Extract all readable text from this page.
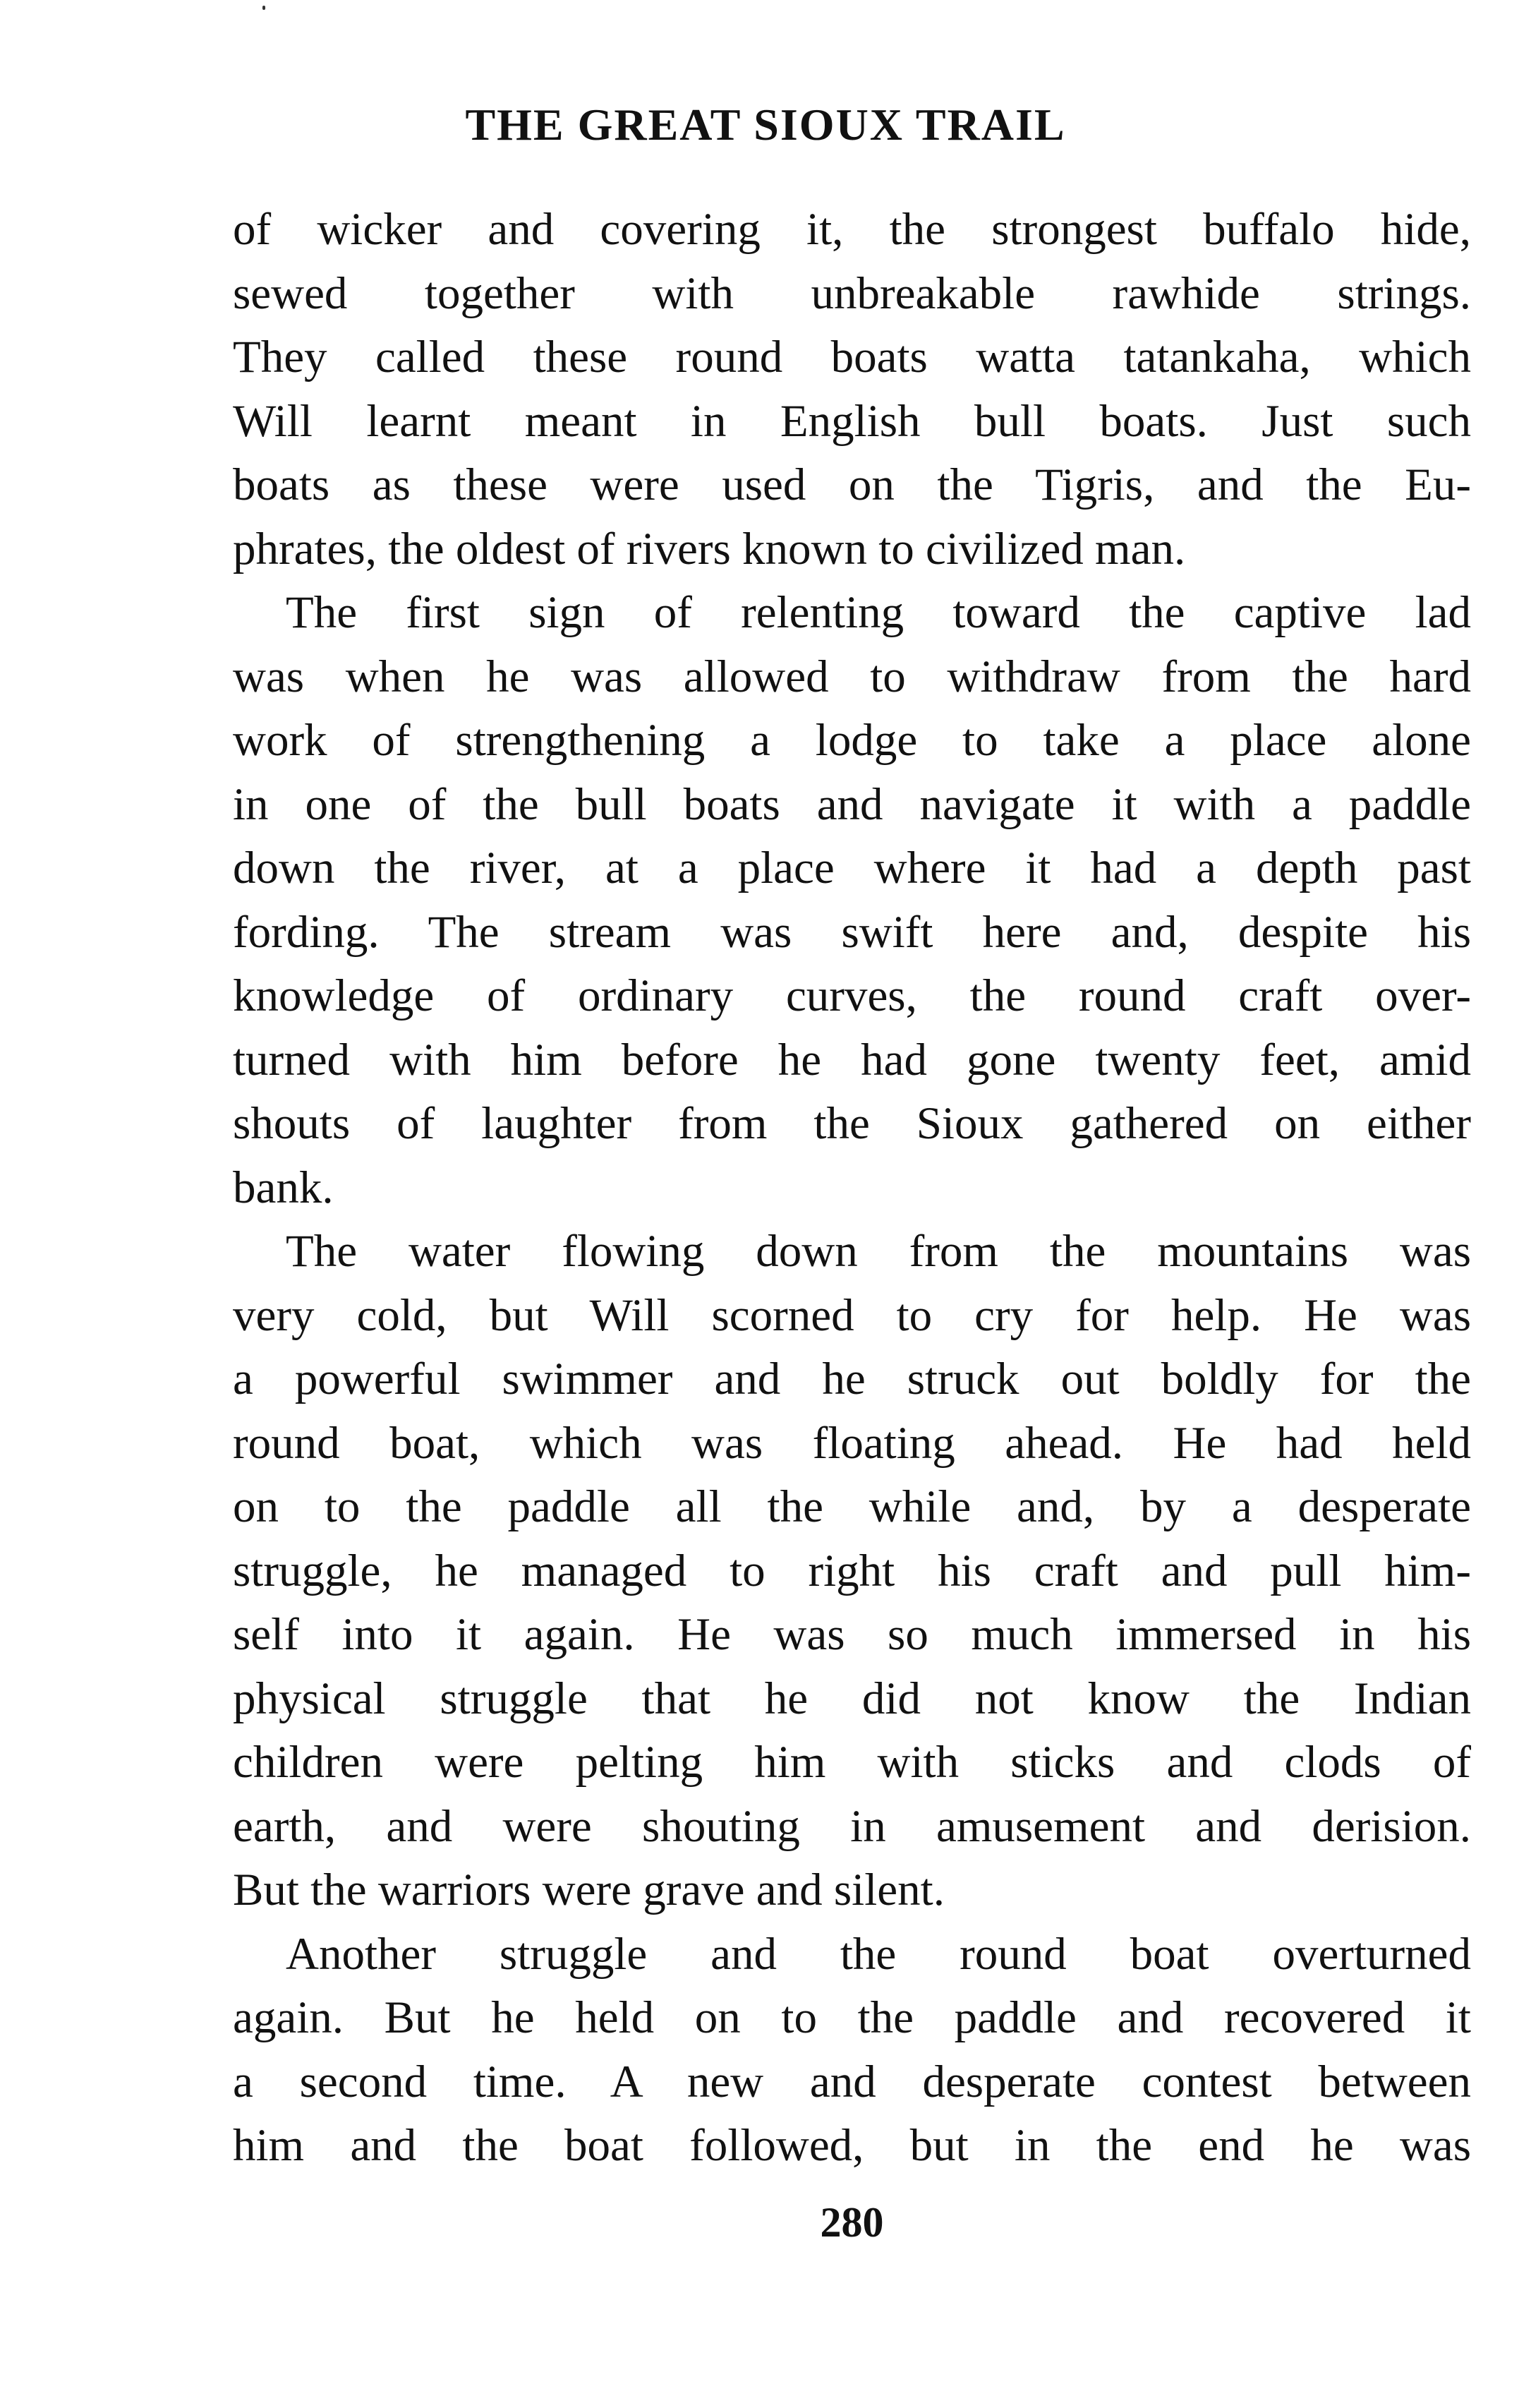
THE GREAT SIOUX TRAIL
of wicker and covering it, the strongest buffalo hide,
sewed together with unbreakable rawhide strings.
They called these round boats watta tatankaha, which
Will learnt meant in English bull boats. Just such
boats as these were used on the Tigris, and the Eu-
phrates, the oldest of rivers known to civilized man.
The first sign of relenting toward the captive lad
was when he was allowed to withdraw from the hard
work of strengthening a lodge to take a place alone
in one of the bull boats and navigate it with a paddle
down the river, at a place where it had a depth past
fording. The stream was swift here and, despite his
knowledge of ordinary curves, the round craft over-
turned with him before he had gone twenty feet, amid
shouts of laughter from the Sioux gathered on either
bank.
The water flowing down from the mountains was
very cold, but Will scorned to cry for help. He was
a powerful swimmer and he struck out boldly for the
round boat, which was floating ahead. He had held
on to the paddle all the while and, by a desperate
struggle, he managed to right his craft and pull him-
self into it again. He was so much immersed in his
physical struggle that he did not know the Indian
children were pelting him with sticks and clods of
earth, and were shouting in amusement and derision.
But the warriors were grave and silent.
Another struggle and the round boat overturned
again. But he held on to the paddle and recovered it
a second time. A new and desperate contest between
him and the boat followed, but in the end he was
280
